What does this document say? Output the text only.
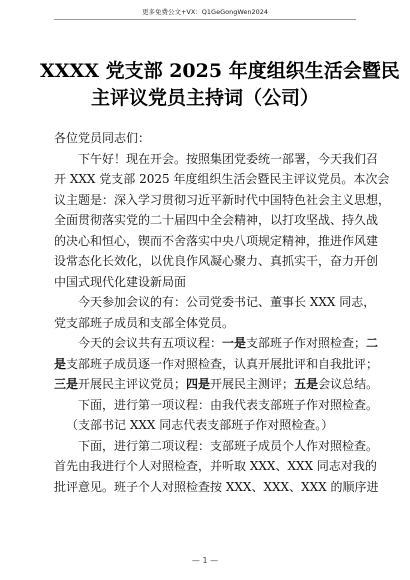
更多免费公文+VX：Q1GeGongWen2024
XXXX 党支部 2025 年度组织生活会暨民
主评议党员主持词（公司）
各位党员同志们：
下午好！现在开会。按照集团党委统一部署，今天我们召
开 XXX 党支部 2025 年度组织生活会暨民主评议党员。本次会
议主题是：深入学习贯彻习近平新时代中国特色社会主义思想，
全面贯彻落实党的二十届四中全会精神，以打攻坚战、持久战
的决心和恒心，锲而不舍落实中央八项规定精神，推进作风建
设常态化长效化，以优良作风凝心聚力、真抓实干，奋力开创
中国式现代化建设新局面
今天参加会议的有：公司党委书记、董事长 XXX 同志，
党支部班子成员和支部全体党员。
今天的会议共有五项议程：一是支部班子作对照检查；二
是支部班子成员逐一作对照检查，认真开展批评和自我批评；
三是开展民主评议党员；四是开展民主测评；五是会议总结。
下面，进行第一项议程：由我代表支部班子作对照检查。
（支部书记 XXX 同志代表支部班子作对照检查。）
下面，进行第二项议程：支部班子成员个人作对照检查。
首先由我进行个人对照检查，并听取 XXX、XXX 同志对我的
批评意见。班子个人对照检查按 XXX、XXX、XXX 的顺序进
— 1 —
